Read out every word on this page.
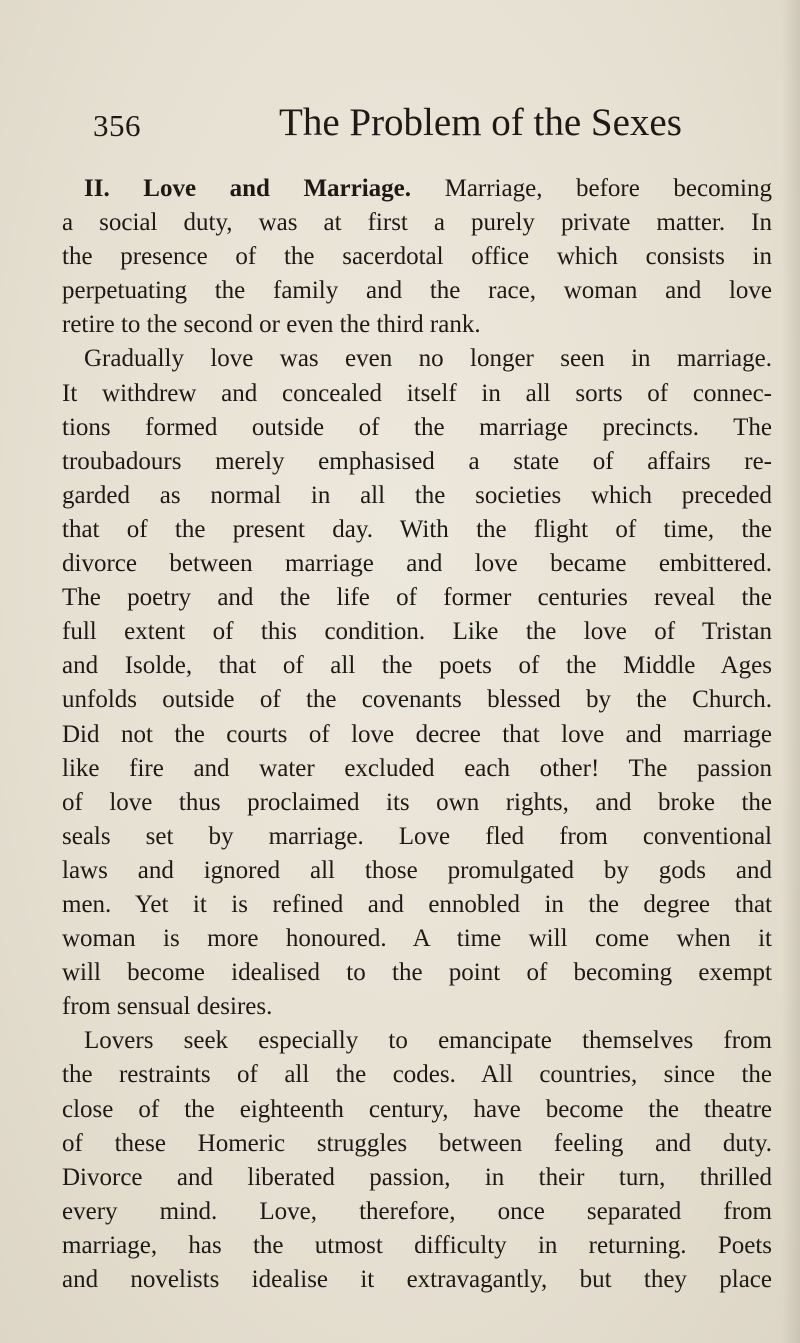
356	The Problem of the Sexes
II. Love and Marriage. Marriage, before becoming
a social duty, was at first a purely private matter. In
the presence of the sacerdotal office which consists in
perpetuating the family and the race, woman and love
retire to the second or even the third rank.
Gradually love was even no longer seen in marriage.
It withdrew and concealed itself in all sorts of connec-
tions formed outside of the marriage precincts. The
troubadours merely emphasised a state of affairs re-
garded as normal in all the societies which preceded
that of the present day. With the flight of time, the
divorce between marriage and love became embittered.
The poetry and the life of former centuries reveal the
full extent of this condition. Like the love of Tristan
and Isolde, that of all the poets of the Middle Ages
unfolds outside of the covenants blessed by the Church.
Did not the courts of love decree that love and marriage
like fire and water excluded each other! The passion
of love thus proclaimed its own rights, and broke the
seals set by marriage. Love fled from conventional
laws and ignored all those promulgated by gods and
men. Yet it is refined and ennobled in the degree that
woman is more honoured. A time will come when it
will become idealised to the point of becoming exempt
from sensual desires.
Lovers seek especially to emancipate themselves from
the restraints of all the codes. All countries, since the
close of the eighteenth century, have become the theatre
of these Homeric struggles between feeling and duty.
Divorce and liberated passion, in their turn, thrilled
every mind. Love, therefore, once separated from
marriage, has the utmost difficulty in returning. Poets
and novelists idealise it extravagantly, but they place
